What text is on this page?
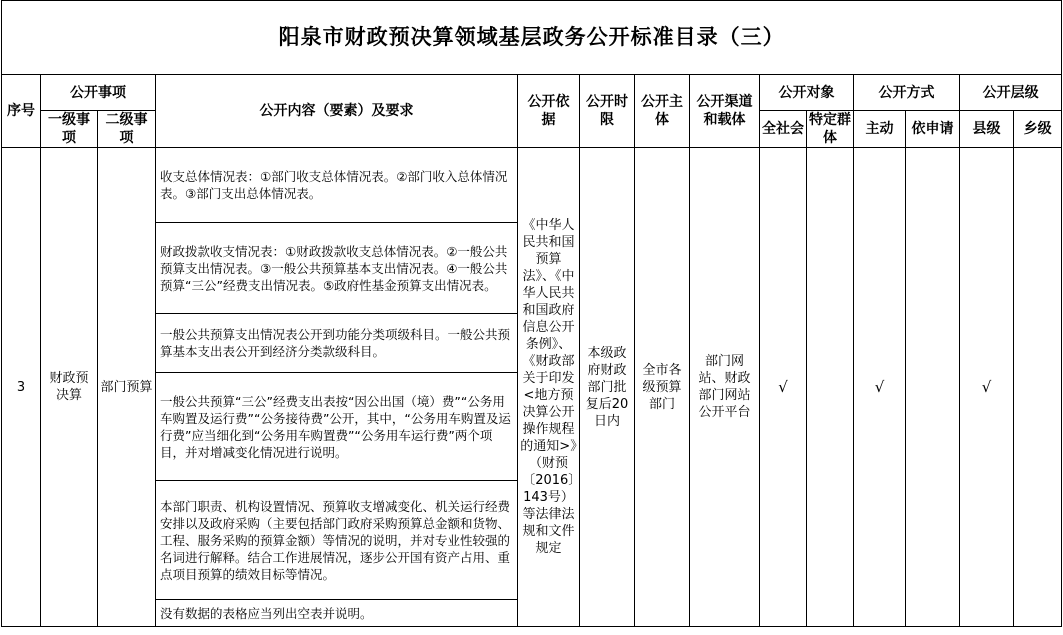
阳泉市财政预决算领域基层政务公开标准目录（三）													
序号	公开事项		公开内容（要素）及要求	公开依据	公开时限	公开主体	公开渠道和载体	公开对象		公开方式		公开层级	
	一级事项	二级事项						全社会	特定群体	主动	依申请	县级	乡级
3	财政预决算	部门预算	收支总体情况表：①部门收支总体情况表。②部门收入总体情况表。③部门支出总体情况表。	《中华人民共和国预算法》、《中华人民共和国政府信息公开条例》、《财政部关于印发<地方预决算公开操作规程的通知>》（财预〔2016〕143号）等法律法规和文件规定	本级政府财政部门批复后20日内	全市各级预算部门	部门网站、财政部门网站公开平台	√		√		√	
			财政拨款收支情况表：①财政拨款收支总体情况表。②一般公共预算支出情况表。③一般公共预算基本支出情况表。④一般公共预算“三公”经费支出情况表。⑤政府性基金预算支出情况表。										
			一般公共预算支出情况表公开到功能分类项级科目。一般公共预算基本支出表公开到经济分类款级科目。										
			一般公共预算“三公”经费支出表按“因公出国（境）费”“公务用车购置及运行费”“公务接待费”公开，其中，“公务用车购置及运行费”应当细化到“公务用车购置费”“公务用车运行费”两个项目，并对增减变化情况进行说明。										
			本部门职责、机构设置情况、预算收支增减变化、机关运行经费安排以及政府采购（主要包括部门政府采购预算总金额和货物、工程、服务采购的预算金额）等情况的说明，并对专业性较强的名词进行解释。结合工作进展情况，逐步公开国有资产占用、重点项目预算的绩效目标等情况。										
			没有数据的表格应当列出空表并说明。										
